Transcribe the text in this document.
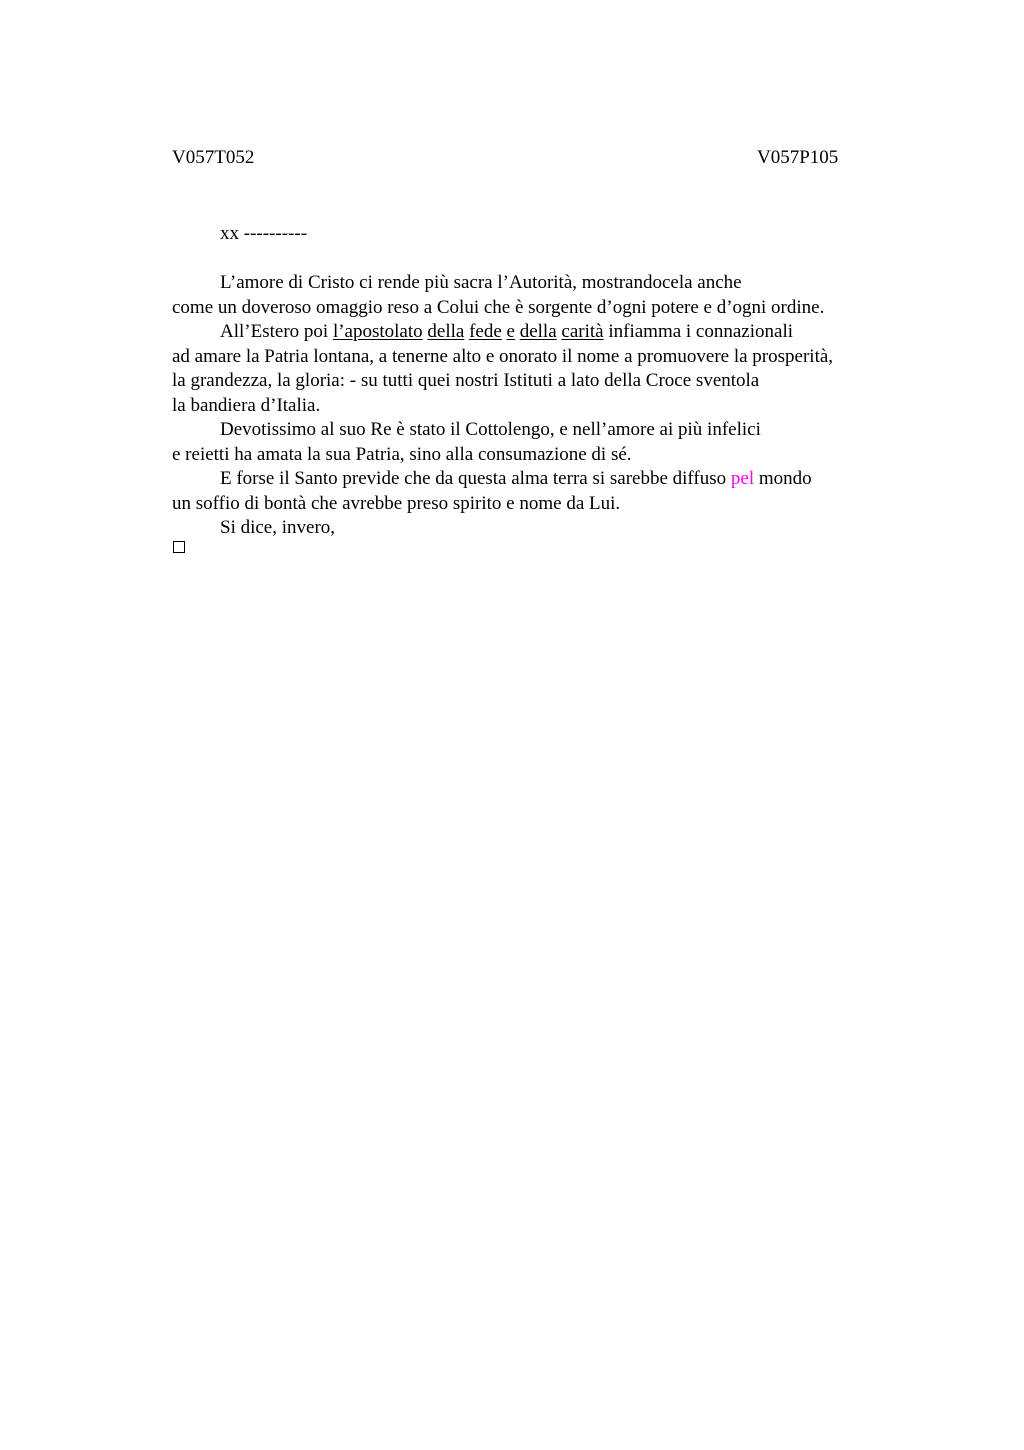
V057T052	V057P105
xx ----------
L’amore di Cristo ci rende più sacra l’Autorità, mostrandocela anche
come un doveroso omaggio reso a Colui che è sorgente d’ogni potere e d’ogni ordine.
All’Estero poi l’apostolato della fede e della carità infiamma i connazionali
ad amare la Patria lontana, a tenerne alto e onorato il nome a promuovere la prosperità,
la grandezza, la gloria: - su tutti quei nostri Istituti a lato della Croce sventola
la bandiera d’Italia.
Devotissimo al suo Re è stato il Cottolengo, e nell’amore ai più infelici
e reietti ha amata la sua Patria, sino alla consumazione di sé.
E forse il Santo previde che da questa alma terra si sarebbe diffuso pel mondo
un soffio di bontà che avrebbe preso spirito e nome da Lui.
Si dice, invero,
